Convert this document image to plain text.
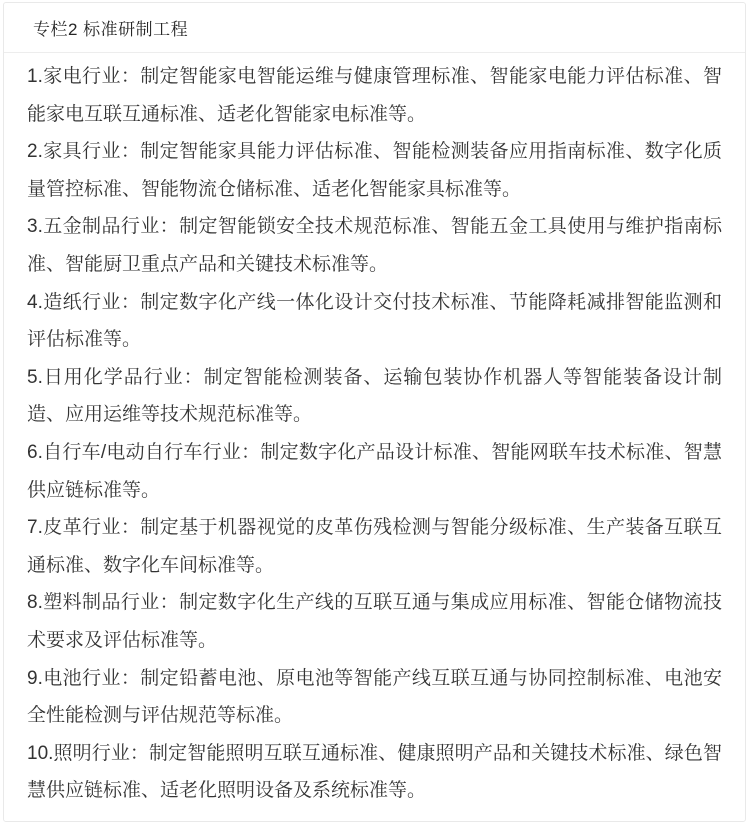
专栏2 标准研制工程

1.家电行业：制定智能家电智能运维与健康管理标准、智能家电能力评估标准、智能家电互联互通标准、适老化智能家电标准等。

2.家具行业：制定智能家具能力评估标准、智能检测装备应用指南标准、数字化质量管控标准、智能物流仓储标准、适老化智能家具标准等。

3.五金制品行业：制定智能锁安全技术规范标准、智能五金工具使用与维护指南标准、智能厨卫重点产品和关键技术标准等。

4.造纸行业：制定数字化产线一体化设计交付技术标准、节能降耗减排智能监测和评估标准等。

5.日用化学品行业：制定智能检测装备、运输包装协作机器人等智能装备设计制造、应用运维等技术规范标准等。

6.自行车/电动自行车行业：制定数字化产品设计标准、智能网联车技术标准、智慧供应链标准等。

7.皮革行业：制定基于机器视觉的皮革伤残检测与智能分级标准、生产装备互联互通标准、数字化车间标准等。

8.塑料制品行业：制定数字化生产线的互联互通与集成应用标准、智能仓储物流技术要求及评估标准等。

9.电池行业：制定铅蓄电池、原电池等智能产线互联互通与协同控制标准、电池安全性能检测与评估规范等标准。

10.照明行业：制定智能照明互联互通标准、健康照明产品和关键技术标准、绿色智慧供应链标准、适老化照明设备及系统标准等。
